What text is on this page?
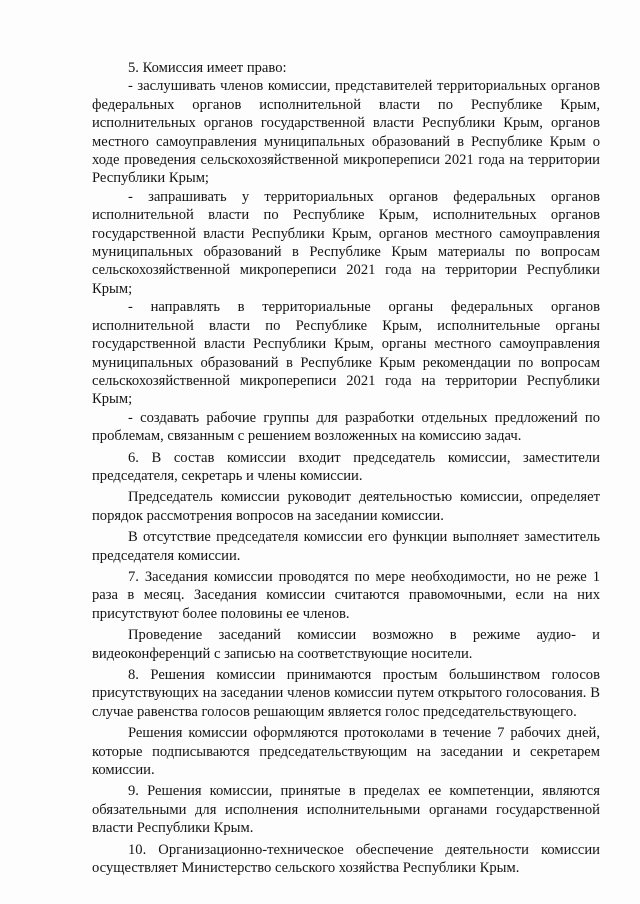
5. Комиссия имеет право:

- заслушивать членов комиссии, представителей территориальных органов федеральных органов исполнительной власти по Республике Крым, исполнительных органов государственной власти Республики Крым, органов местного самоуправления муниципальных образований в Республике Крым о ходе проведения сельскохозяйственной микропереписи 2021 года на территории Республики Крым;

- запрашивать у территориальных органов федеральных органов исполнительной власти по Республике Крым, исполнительных органов государственной власти Республики Крым, органов местного самоуправления муниципальных образований в Республике Крым материалы по вопросам сельскохозяйственной микропереписи 2021 года на территории Республики Крым;

- направлять в территориальные органы федеральных органов исполнительной власти по Республике Крым, исполнительные органы государственной власти Республики Крым, органы местного самоуправления муниципальных образований в Республике Крым рекомендации по вопросам сельскохозяйственной микропереписи 2021 года на территории Республики Крым;

- создавать рабочие группы для разработки отдельных предложений по проблемам, связанным с решением возложенных на комиссию задач.

6. В состав комиссии входит председатель комиссии, заместители председателя, секретарь и члены комиссии.

Председатель комиссии руководит деятельностью комиссии, определяет порядок рассмотрения вопросов на заседании комиссии.

В отсутствие председателя комиссии его функции выполняет заместитель председателя комиссии.

7. Заседания комиссии проводятся по мере необходимости, но не реже 1 раза в месяц. Заседания комиссии считаются правомочными, если на них присутствуют более половины ее членов.

Проведение заседаний комиссии возможно в режиме аудио- и видеоконференций с записью на соответствующие носители.

8. Решения комиссии принимаются простым большинством голосов присутствующих на заседании членов комиссии путем открытого голосования. В случае равенства голосов решающим является голос председательствующего.

Решения комиссии оформляются протоколами в течение 7 рабочих дней, которые подписываются председательствующим на заседании и секретарем комиссии.

9. Решения комиссии, принятые в пределах ее компетенции, являются обязательными для исполнения исполнительными органами государственной власти Республики Крым.

10. Организационно-техническое обеспечение деятельности комиссии осуществляет Министерство сельского хозяйства Республики Крым.
